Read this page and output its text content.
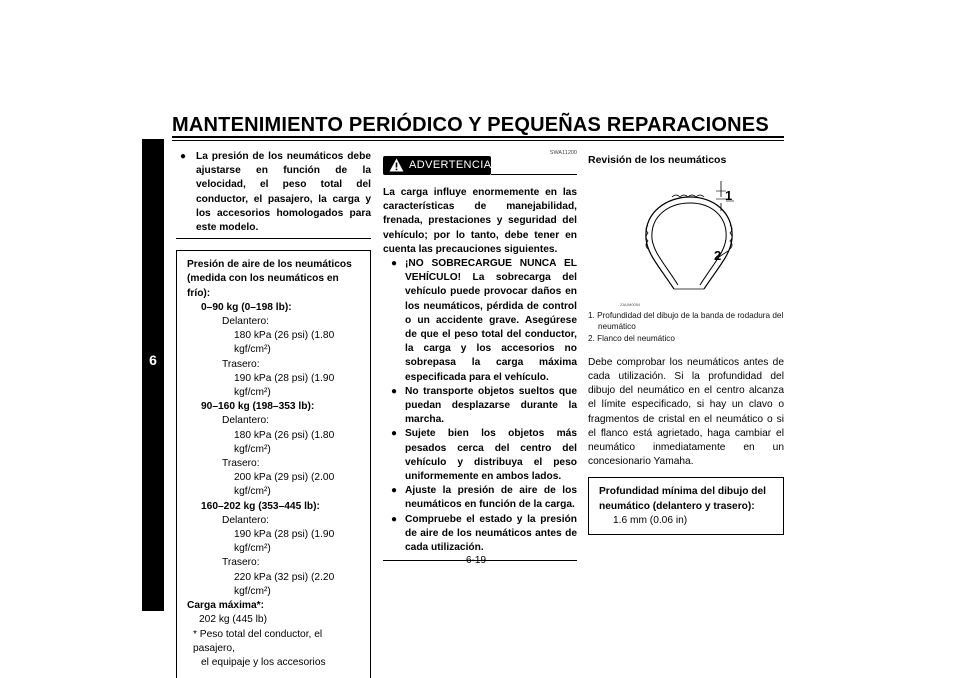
MANTENIMIENTO PERIÓDICO Y PEQUEÑAS REPARACIONES
6
● La presión de los neumáticos debe ajustarse en función de la velocidad, el peso total del conductor, el pasajero, la carga y los accesorios homologados para este modelo.
Presión de aire de los neumáticos
(medida con los neumáticos en frío):
0–90 kg (0–198 lb):
Delantero:
180 kPa (26 psi) (1.80 kgf/cm²)
Trasero:
190 kPa (28 psi) (1.90 kgf/cm²)
90–160 kg (198–353 lb):
Delantero:
180 kPa (26 psi) (1.80 kgf/cm²)
Trasero:
200 kPa (29 psi) (2.00 kgf/cm²)
160–202 kg (353–445 lb):
Delantero:
190 kPa (28 psi) (1.90 kgf/cm²)
Trasero:
220 kPa (32 psi) (2.20 kgf/cm²)
Carga máxima*:
202 kg (445 lb)
* Peso total del conductor, el pasajero,
el equipaje y los accesorios
ADVERTENCIA
SWA11200
La carga influye enormemente en las características de manejabilidad, frenada, prestaciones y seguridad del vehículo; por lo tanto, debe tener en cuenta las precauciones siguientes.
● ¡NO SOBRECARGUE NUNCA EL VEHÍCULO! La sobrecarga del vehículo puede provocar daños en los neumáticos, pérdida de control o un accidente grave. Asegúrese de que el peso total del conductor, la carga y los accesorios no sobrepasa la carga máxima especificada para el vehículo.
● No transporte objetos sueltos que puedan desplazarse durante la marcha.
● Sujete bien los objetos más pesados cerca del centro del vehículo y distribuya el peso uniformemente en ambos lados.
● Ajuste la presión de aire de los neumáticos en función de la carga.
● Compruebe el estado y la presión de aire de los neumáticos antes de cada utilización.
Revisión de los neumáticos
1
2
ZAUM0054
1. Profundidad del dibujo de la banda de rodadura del neumático
2. Flanco del neumático
Debe comprobar los neumáticos antes de cada utilización. Si la profundidad del dibujo del neumático en el centro alcanza el límite especificado, si hay un clavo o fragmentos de cristal en el neumático o si el flanco está agrietado, haga cambiar el neumático inmediatamente en un concesionario Yamaha.
Profundidad mínima del dibujo del
neumático (delantero y trasero):
1.6 mm (0.06 in)
6-19
